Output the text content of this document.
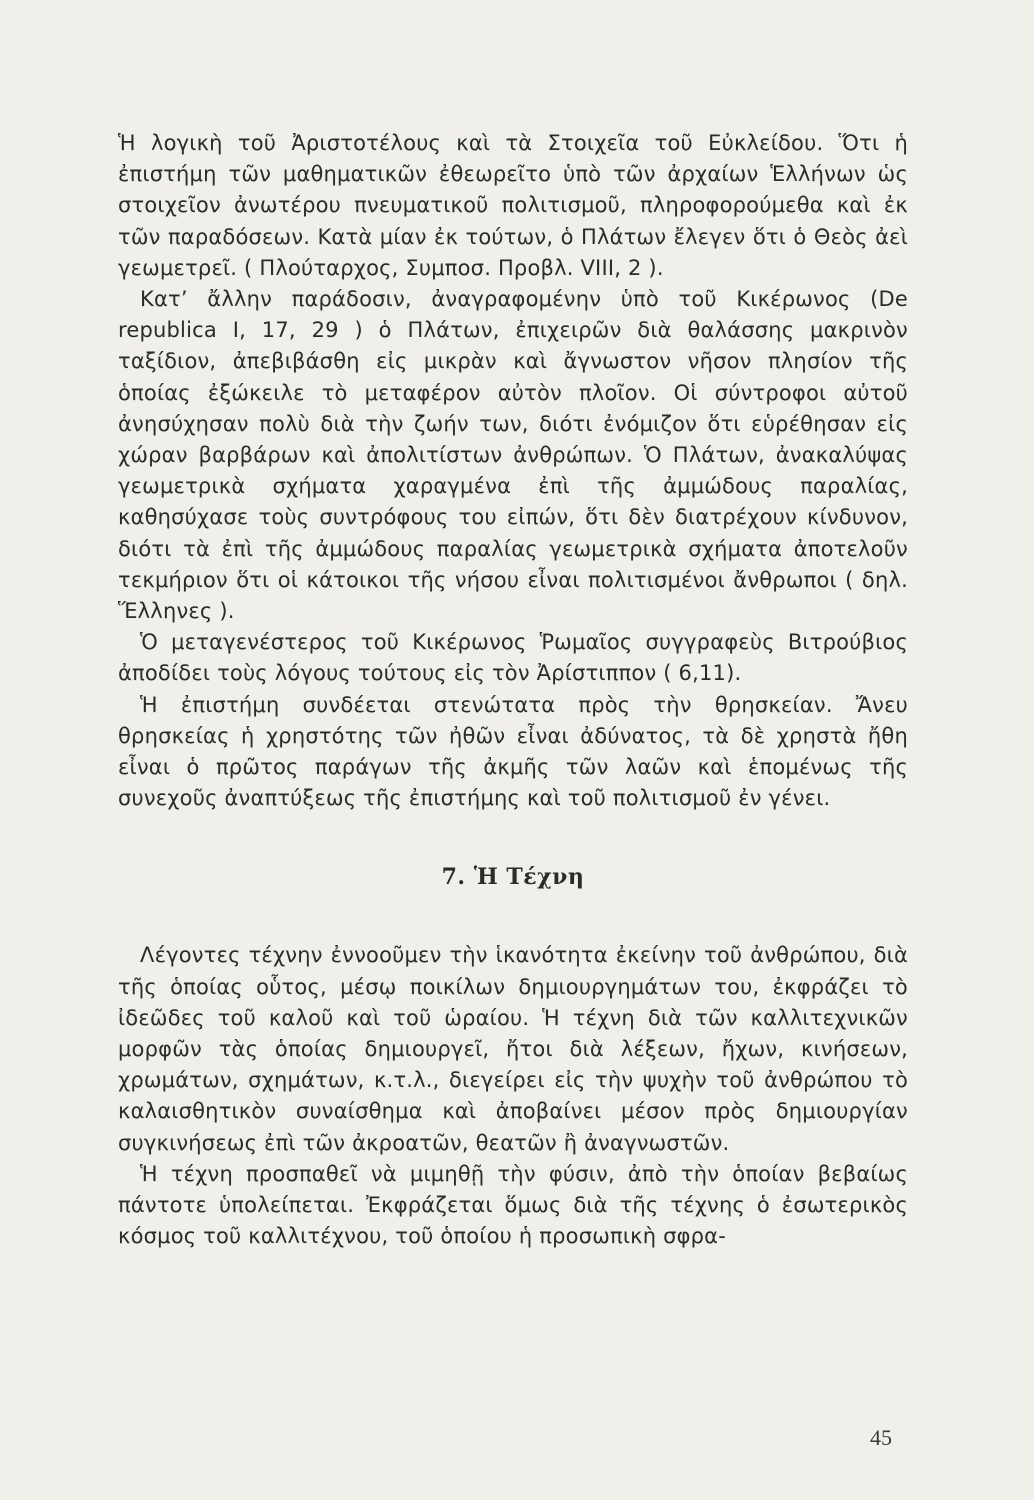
Ἡ λογικὴ τοῦ Ἀριστοτέλους καὶ τὰ Στοιχεῖα τοῦ Εὐκλείδου. Ὅτι ἡ ἐπιστήμη τῶν μαθηματικῶν ἐθεωρεῖτο ὑπὸ τῶν ἀρχαίων Ἑλλήνων ὡς στοιχεῖον ἀνωτέρου πνευματικοῦ πολιτισμοῦ, πληροφορούμεθα καὶ ἐκ τῶν παραδόσεων. Κατὰ μίαν ἐκ τούτων, ὁ Πλάτων ἔλεγεν ὅτι ὁ Θεὸς ἀεὶ γεωμετρεῖ. ( Πλούταρχος, Συμποσ. Προβλ. VIII, 2 ).

Κατ’ ἄλλην παράδοσιν, ἀναγραφομένην ὑπὸ τοῦ Κικέρωνος (De republica I, 17, 29 ) ὁ Πλάτων, ἐπιχειρῶν διὰ θαλάσσης μακρινὸν ταξίδιον, ἀπεβιβάσθη εἰς μικρὰν καὶ ἄγνωστον νῆσον πλησίον τῆς ὁποίας ἐξώκειλε τὸ μεταφέρον αὐτὸν πλοῖον. Οἱ σύντροφοι αὐτοῦ ἀνησύχησαν πολὺ διὰ τὴν ζωήν των, διότι ἐνόμιζον ὅτι εὑρέθησαν εἰς χώραν βαρβάρων καὶ ἀπολιτίστων ἀνθρώπων. Ὁ Πλάτων, ἀνακαλύψας γεωμετρικὰ σχήματα χαραγμένα ἐπὶ τῆς ἀμμώδους παραλίας, καθησύχασε τοὺς συντρόφους του εἰπών, ὅτι δὲν διατρέχουν κίνδυνον, διότι τὰ ἐπὶ τῆς ἀμμώδους παραλίας γεωμετρικὰ σχήματα ἀποτελοῦν τεκμήριον ὅτι οἱ κάτοικοι τῆς νήσου εἶναι πολιτισμένοι ἄνθρωποι ( δηλ. Ἕλληνες ).

Ὁ μεταγενέστερος τοῦ Κικέρωνος Ῥωμαῖος συγγραφεὺς Βιτρούβιος ἀποδίδει τοὺς λόγους τούτους εἰς τὸν Ἀρίστιππον ( 6,11).

Ἡ ἐπιστήμη συνδέεται στενώτατα πρὸς τὴν θρησκείαν. Ἄνευ θρησκείας ἡ χρηστότης τῶν ἠθῶν εἶναι ἀδύνατος, τὰ δὲ χρηστὰ ἤθη εἶναι ὁ πρῶτος παράγων τῆς ἀκμῆς τῶν λαῶν καὶ ἑπομένως τῆς συνεχοῦς ἀναπτύξεως τῆς ἐπιστήμης καὶ τοῦ πολιτισμοῦ ἐν γένει.

7. Ἡ Τέχνη

Λέγοντες τέχνην ἐννοοῦμεν τὴν ἱκανότητα ἐκείνην τοῦ ἀνθρώπου, διὰ τῆς ὁποίας οὗτος, μέσῳ ποικίλων δημιουργημάτων του, ἐκφράζει τὸ ἰδεῶδες τοῦ καλοῦ καὶ τοῦ ὡραίου. Ἡ τέχνη διὰ τῶν καλλιτεχνικῶν μορφῶν τὰς ὁποίας δημιουργεῖ, ἤτοι διὰ λέξεων, ἤχων, κινήσεων, χρωμάτων, σχημάτων, κ.τ.λ., διεγείρει εἰς τὴν ψυχὴν τοῦ ἀνθρώπου τὸ καλαισθητικὸν συναίσθημα καὶ ἀποβαίνει μέσον πρὸς δημιουργίαν συγκινήσεως ἐπὶ τῶν ἀκροατῶν, θεατῶν ἢ ἀναγνωστῶν.

Ἡ τέχνη προσπαθεῖ νὰ μιμηθῇ τὴν φύσιν, ἀπὸ τὴν ὁποίαν βεβαίως πάντοτε ὑπολείπεται. Ἐκφράζεται ὅμως διὰ τῆς τέχνης ὁ ἐσωτερικὸς κόσμος τοῦ καλλιτέχνου, τοῦ ὁποίου ἡ προσωπικὴ σφρα-

45
